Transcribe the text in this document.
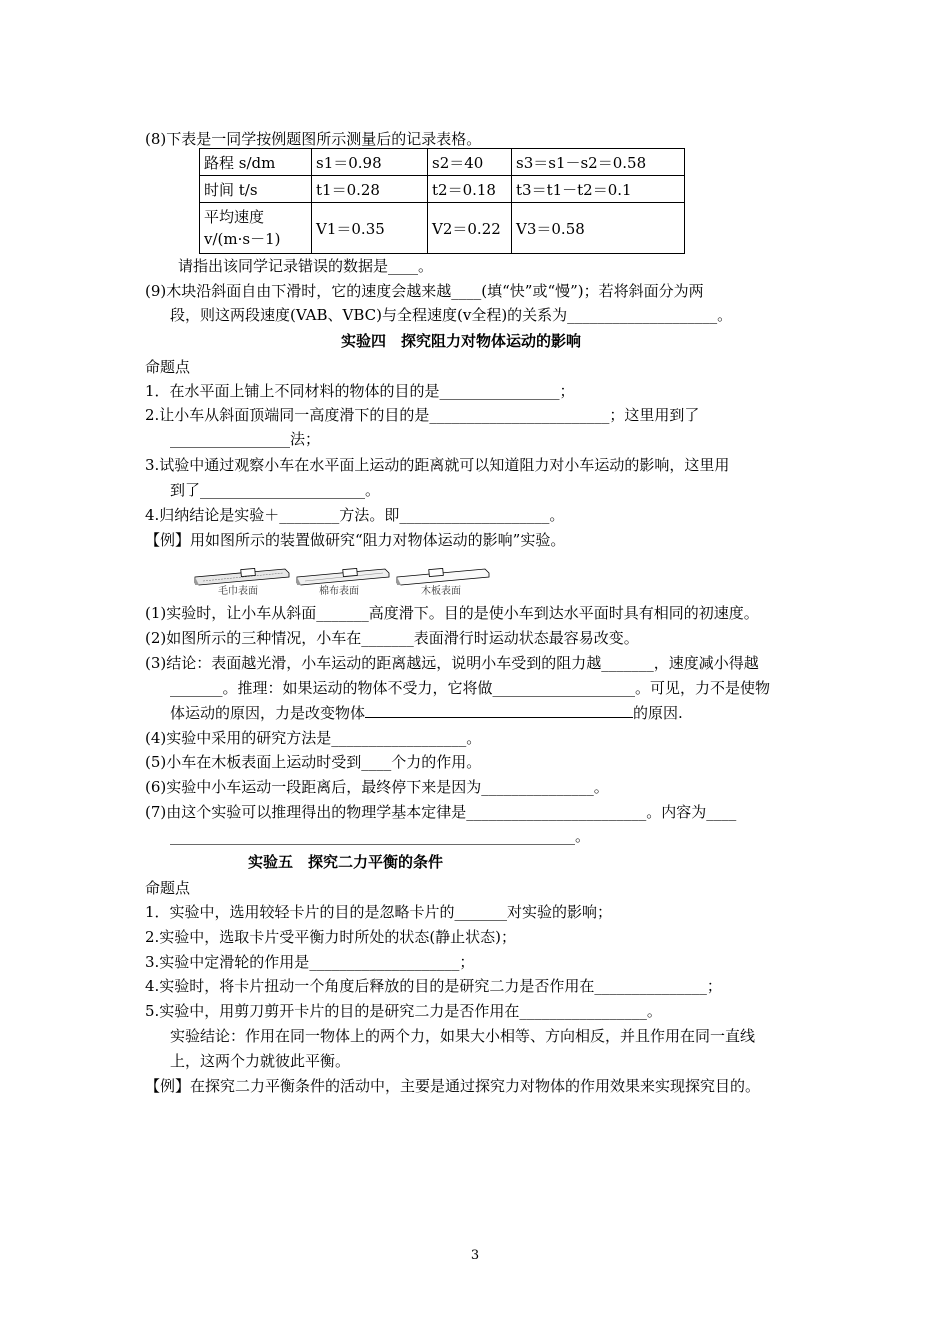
(8)下表是一同学按例题图所示测量后的记录表格。
路程 s/dm	s1＝0.98	s2＝40	s3＝s1－s2＝0.58
时间 t/s	t1＝0.28	t2＝0.18	t3＝t1－t2＝0.1
平均速度 v/(m·s－1)	V1＝0.35	V2＝0.22	V3＝0.58
请指出该同学记录错误的数据是____。
(9)木块沿斜面自由下滑时，它的速度会越来越____(填“快”或“慢”)；若将斜面分为两
段，则这两段速度(VAB、VBC)与全程速度(v全程)的关系为____________________。
实验四　探究阻力对物体运动的影响
命题点
1．在水平面上铺上不同材料的物体的目的是________________；
2.让小车从斜面顶端同一高度滑下的目的是________________________；这里用到了
________________法；
3.试验中通过观察小车在水平面上运动的距离就可以知道阻力对小车运动的影响，这里用
到了______________________。
4.归纳结论是实验＋________方法。即____________________。
【例】用如图所示的装置做研究“阻力对物体运动的影响”实验。
毛巾表面	棉布表面	木板表面
(1)实验时，让小车从斜面_______高度滑下。目的是使小车到达水平面时具有相同的初速度。
(2)如图所示的三种情况，小车在_______表面滑行时运动状态最容易改变。
(3)结论：表面越光滑，小车运动的距离越远，说明小车受到的阻力越_______，速度减小得越
_______。推理：如果运动的物体不受力，它将做___________________。可见，力不是使物
体运动的原因，力是改变物体	的原因.
(4)实验中采用的研究方法是__________________。
(5)小车在木板表面上运动时受到____个力的作用。
(6)实验中小车运动一段距离后，最终停下来是因为_______________。
(7)由这个实验可以推理得出的物理学基本定律是________________________。内容为____
______________________________________________________。
实验五　探究二力平衡的条件
命题点
1．实验中，选用较轻卡片的目的是忽略卡片的_______对实验的影响；
2.实验中，选取卡片受平衡力时所处的状态(静止状态)；
3.实验中定滑轮的作用是____________________；
4.实验时，将卡片扭动一个角度后释放的目的是研究二力是否作用在_______________；
5.实验中，用剪刀剪开卡片的目的是研究二力是否作用在_________________。
实验结论：作用在同一物体上的两个力，如果大小相等、方向相反，并且作用在同一直线
上，这两个力就彼此平衡。
【例】在探究二力平衡条件的活动中，主要是通过探究力对物体的作用效果来实现探究目的。
3
